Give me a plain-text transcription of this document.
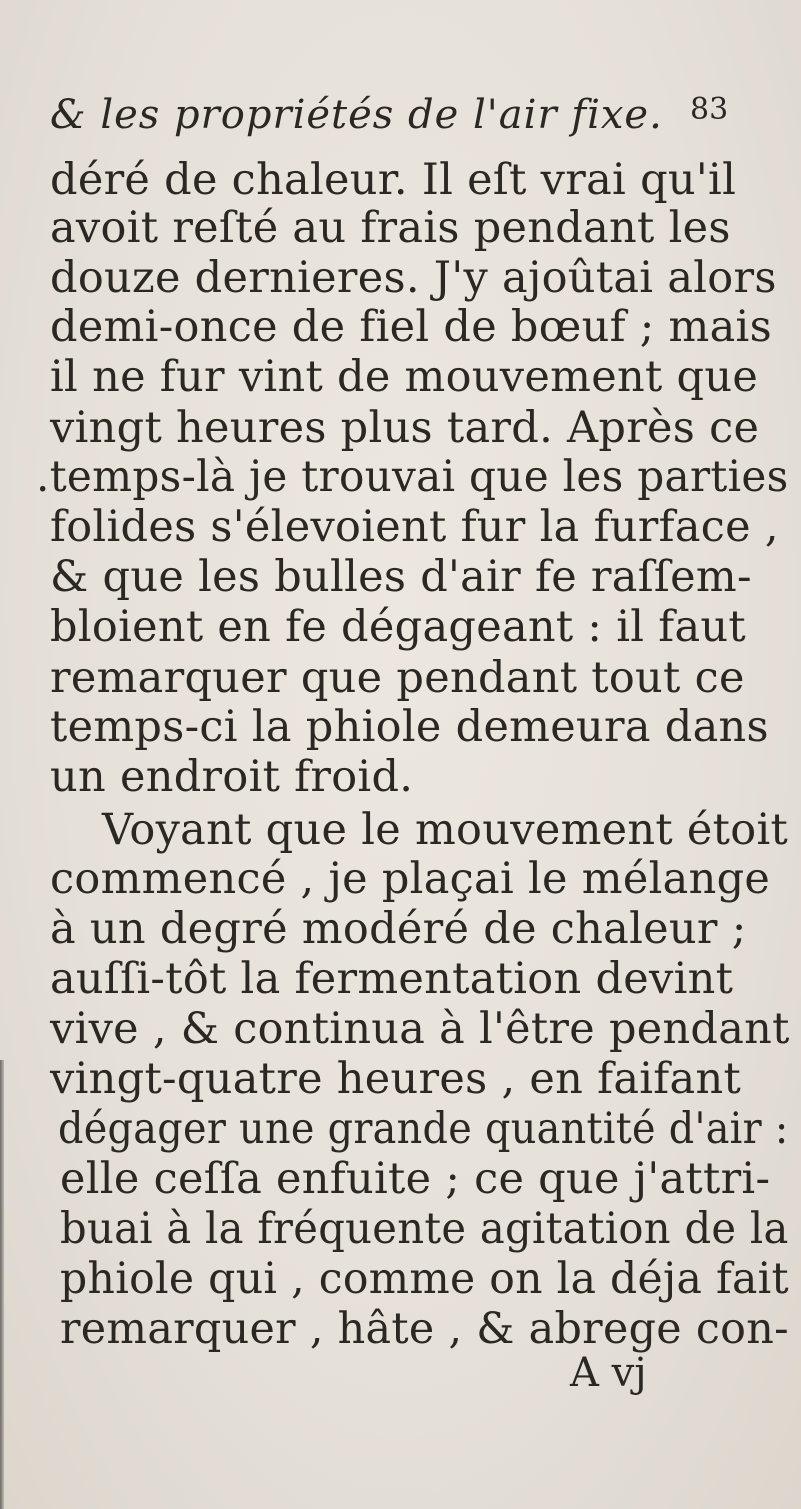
& les propriétés de l'air fixe. 83
déré de chaleur. Il eſt vrai qu'il
avoit reſté au frais pendant les
douze dernieres. J'y ajoûtai alors
demi-once de fiel de bœuf ; mais
il ne fur vint de mouvement que
vingt heures plus tard. Après ce
.temps-là je trouvai que les parties
folides s'élevoient fur la furface ,
& que les bulles d'air fe raſſem-
bloient en fe dégageant : il faut
remarquer que pendant tout ce
temps-ci la phiole demeura dans
un endroit froid.
Voyant que le mouvement étoit
commencé , je plaçai le mélange
à un degré modéré de chaleur ;
auſſi-tôt la fermentation devint
vive , & continua à l'être pendant
vingt-quatre heures , en faifant
dégager une grande quantité d'air :
elle ceſſa enfuite ; ce que j'attri-
buai à la fréquente agitation de la
phiole qui , comme on la déja fait
remarquer , hâte , & abrege con-
A vj
